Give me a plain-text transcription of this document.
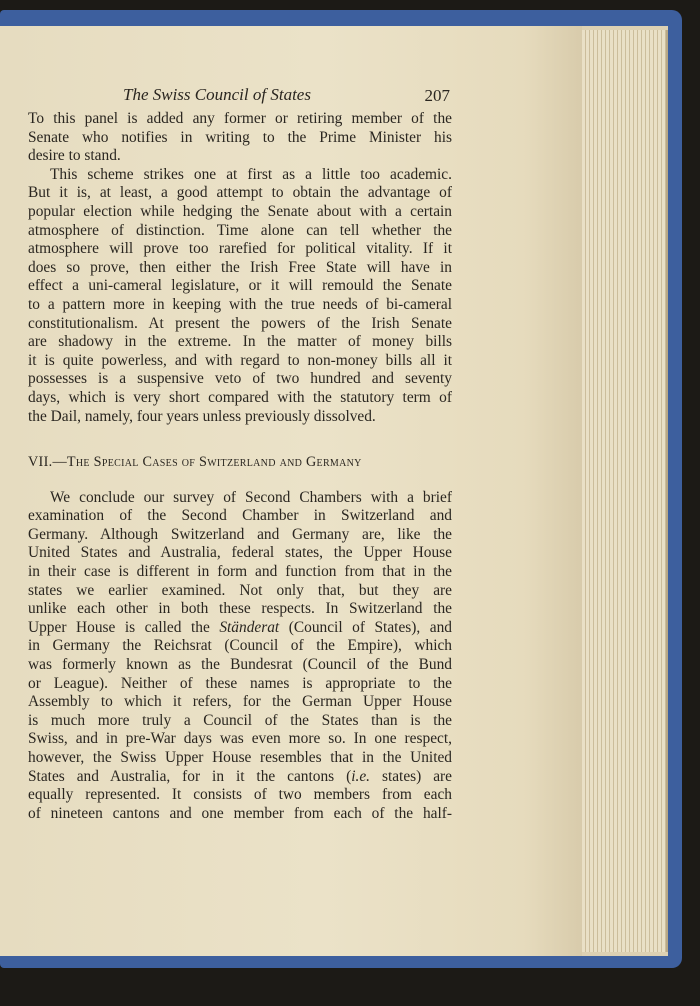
The Swiss Council of States	207

To this panel is added any former or retiring member of the
Senate who notifies in writing to the Prime Minister his
desire to stand.

This scheme strikes one at first as a little too academic.
But it is, at least, a good attempt to obtain the advantage of
popular election while hedging the Senate about with a certain
atmosphere of distinction. Time alone can tell whether the
atmosphere will prove too rarefied for political vitality. If it
does so prove, then either the Irish Free State will have in
effect a uni-cameral legislature, or it will remould the Senate
to a pattern more in keeping with the true needs of bi-cameral
constitutionalism. At present the powers of the Irish Senate
are shadowy in the extreme. In the matter of money bills
it is quite powerless, and with regard to non-money bills all it
possesses is a suspensive veto of two hundred and seventy
days, which is very short compared with the statutory term of
the Dail, namely, four years unless previously dissolved.

VII.—The Special Cases of Switzerland and Germany

We conclude our survey of Second Chambers with a brief
examination of the Second Chamber in Switzerland and
Germany. Although Switzerland and Germany are, like the
United States and Australia, federal states, the Upper House
in their case is different in form and function from that in the
states we earlier examined. Not only that, but they are
unlike each other in both these respects. In Switzerland the
Upper House is called the Ständerat (Council of States), and
in Germany the Reichsrat (Council of the Empire), which
was formerly known as the Bundesrat (Council of the Bund
or League). Neither of these names is appropriate to the
Assembly to which it refers, for the German Upper House
is much more truly a Council of the States than is the
Swiss, and in pre-War days was even more so. In one respect,
however, the Swiss Upper House resembles that in the United
States and Australia, for in it the cantons (i.e. states) are
equally represented. It consists of two members from each
of nineteen cantons and one member from each of the half-
